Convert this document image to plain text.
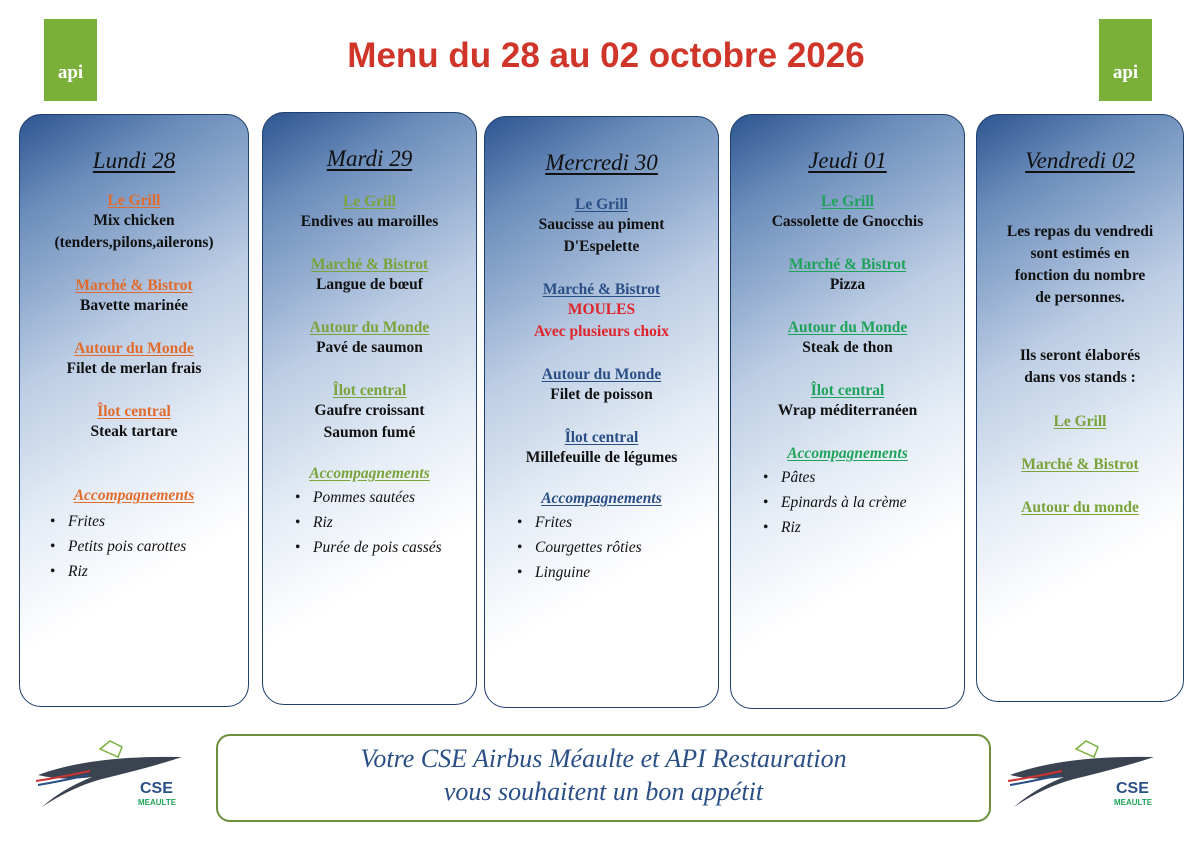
Menu du 28 au 02 octobre 2026
api	api
Lundi 28
Le Grill
Mix chicken
(tenders,pilons,ailerons)
Marché & Bistrot
Bavette marinée
Autour du Monde
Filet de merlan frais
Îlot central
Steak tartare
Accompagnements
• Frites
• Petits pois carottes
• Riz
Mardi 29
Le Grill
Endives au maroilles
Marché & Bistrot
Langue de bœuf
Autour du Monde
Pavé de saumon
Îlot central
Gaufre croissant
Saumon fumé
Accompagnements
• Pommes sautées
• Riz
• Purée de pois cassés
Mercredi 30
Le Grill
Saucisse au piment
D'Espelette
Marché & Bistrot
MOULES
Avec plusieurs choix
Autour du Monde
Filet de poisson
Îlot central
Millefeuille de légumes
Accompagnements
• Frites
• Courgettes rôties
• Linguine
Jeudi 01
Le Grill
Cassolette de Gnocchis
Marché & Bistrot
Pizza
Autour du Monde
Steak de thon
Îlot central
Wrap méditerranéen
Accompagnements
• Pâtes
• Epinards à la crème
• Riz
Vendredi 02
Les repas du vendredi
sont estimés en
fonction du nombre
de personnes.
Ils seront élaborés
dans vos stands :
Le Grill
Marché & Bistrot
Autour du monde
CSE
MEAULTE
CSE
MEAULTE
Votre CSE Airbus Méaulte et API Restauration
vous souhaitent un bon appétit
